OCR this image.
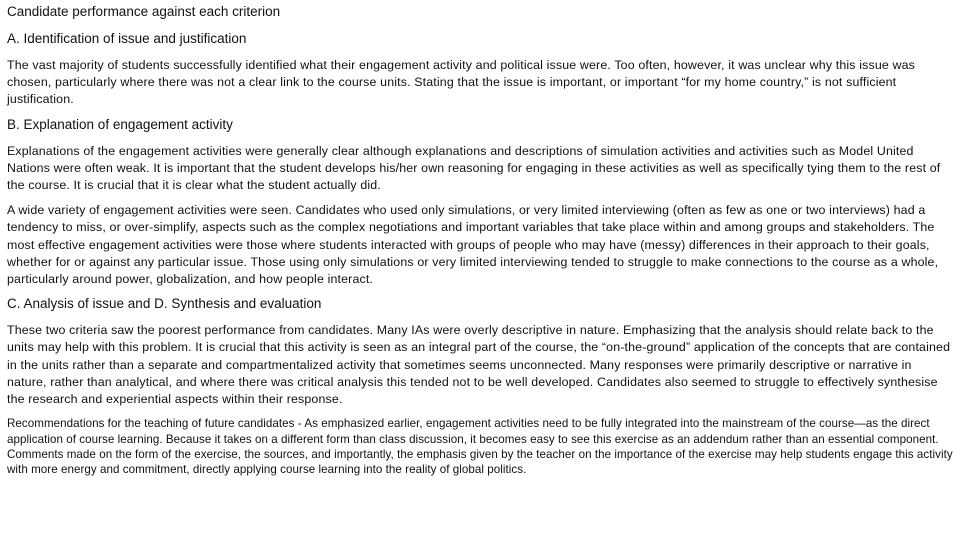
Candidate performance against each criterion

A. Identification of issue and justification

The vast majority of students successfully identified what their engagement activity and political issue were. Too often, however, it was unclear why this issue was chosen, particularly where there was not a clear link to the course units. Stating that the issue is important, or important “for my home country,” is not sufficient justification.

B. Explanation of engagement activity

Explanations of the engagement activities were generally clear although explanations and descriptions of simulation activities and activities such as Model United Nations were often weak. It is important that the student develops his/her own reasoning for engaging in these activities as well as specifically tying them to the rest of the course. It is crucial that it is clear what the student actually did.

A wide variety of engagement activities were seen. Candidates who used only simulations, or very limited interviewing (often as few as one or two interviews) had a tendency to miss, or over-simplify, aspects such as the complex negotiations and important variables that take place within and among groups and stakeholders. The most effective engagement activities were those where students interacted with groups of people who may have (messy) differences in their approach to their goals, whether for or against any particular issue. Those using only simulations or very limited interviewing tended to struggle to make connections to the course as a whole, particularly around power, globalization, and how people interact.

C. Analysis of issue and D. Synthesis and evaluation

These two criteria saw the poorest performance from candidates. Many IAs were overly descriptive in nature. Emphasizing that the analysis should relate back to the units may help with this problem. It is crucial that this activity is seen as an integral part of the course, the “on-the-ground” application of the concepts that are contained in the units rather than a separate and compartmentalized activity that sometimes seems unconnected. Many responses were primarily descriptive or narrative in nature, rather than analytical, and where there was critical analysis this tended not to be well developed. Candidates also seemed to struggle to effectively synthesise the research and experiential aspects within their response.

Recommendations for the teaching of future candidates - As emphasized earlier, engagement activities need to be fully integrated into the mainstream of the course—as the direct application of course learning. Because it takes on a different form than class discussion, it becomes easy to see this exercise as an addendum rather than an essential component. Comments made on the form of the exercise, the sources, and importantly, the emphasis given by the teacher on the importance of the exercise may help students engage this activity with more energy and commitment, directly applying course learning into the reality of global politics.
